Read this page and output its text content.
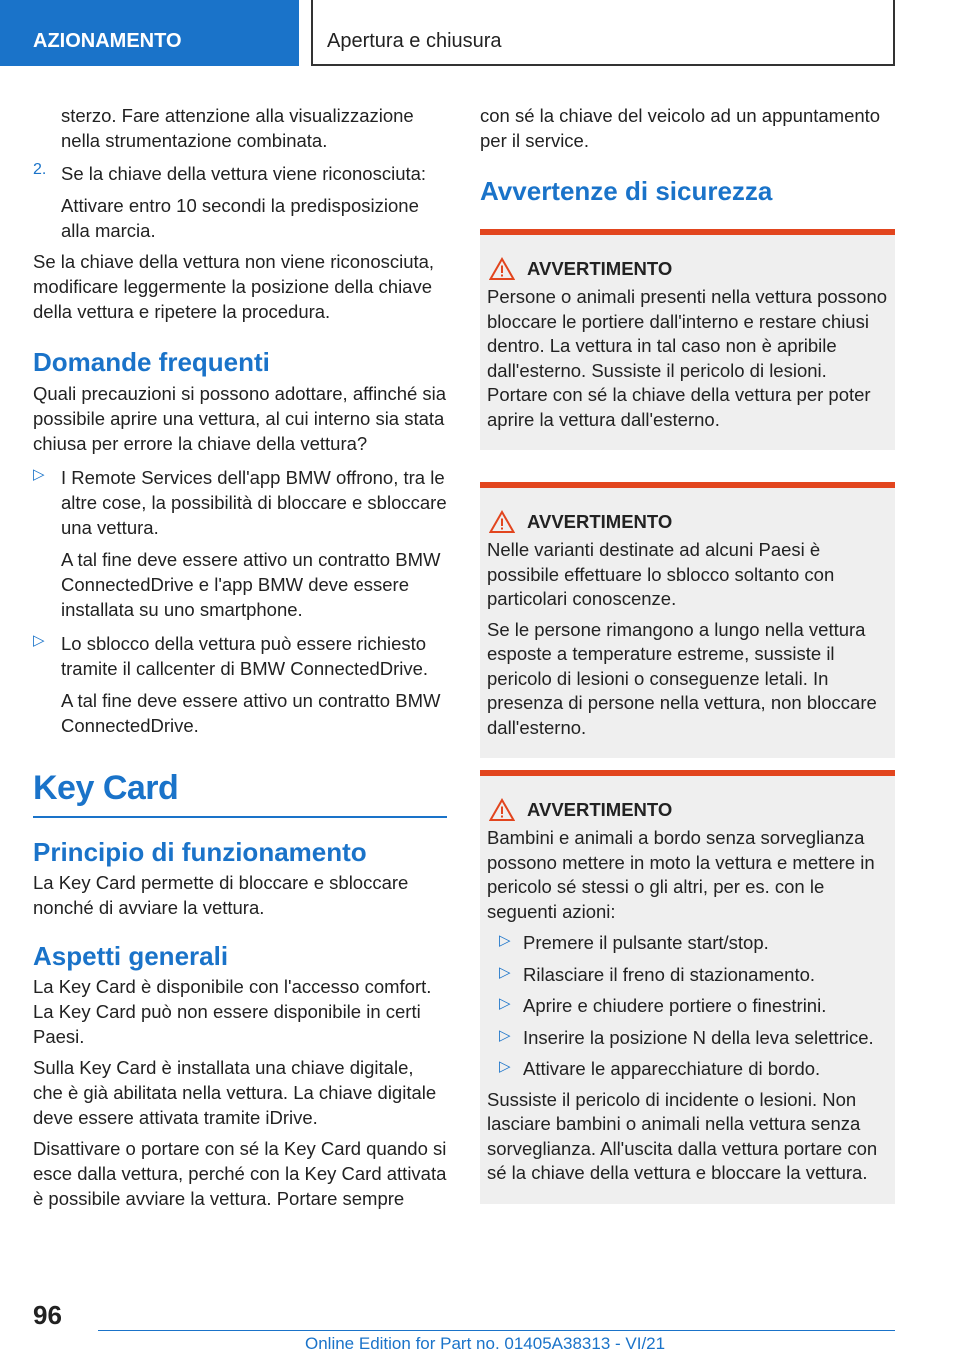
AZIONAMENTO	Apertura e chiusura

sterzo. Fare attenzione alla visualizzazione nella strumentazione combinata.

2. Se la chiave della vettura viene riconosciuta:

Attivare entro 10 secondi la predisposizione alla marcia.

Se la chiave della vettura non viene riconosciuta, modificare leggermente la posizione della chiave della vettura e ripetere la procedura.

Domande frequenti

Quali precauzioni si possono adottare, affinché sia possibile aprire una vettura, al cui interno sia stata chiusa per errore la chiave della vettura?

▷ I Remote Services dell'app BMW offrono, tra le altre cose, la possibilità di bloccare e sbloccare una vettura.

A tal fine deve essere attivo un contratto BMW ConnectedDrive e l'app BMW deve essere installata su uno smartphone.

▷ Lo sblocco della vettura può essere richiesto tramite il callcenter di BMW ConnectedDrive.

A tal fine deve essere attivo un contratto BMW ConnectedDrive.

Key Card
Principio di funzionamento

La Key Card permette di bloccare e sbloccare nonché di avviare la vettura.

Aspetti generali

La Key Card è disponibile con l'accesso comfort. La Key Card può non essere disponibile in certi Paesi.

Sulla Key Card è installata una chiave digitale, che è già abilitata nella vettura. La chiave digitale deve essere attivata tramite iDrive.

Disattivare o portare con sé la Key Card quando si esce dalla vettura, perché con la Key Card attivata è possibile avviare la vettura. Portare sempre

con sé la chiave del veicolo ad un appuntamento per il service.

Avvertenze di sicurezza
AVVERTIMENTO

Persone o animali presenti nella vettura possono bloccare le portiere dall'interno e restare chiusi dentro. La vettura in tal caso non è apribile dall'esterno. Sussiste il pericolo di lesioni. Portare con sé la chiave della vettura per poter aprire la vettura dall'esterno.

AVVERTIMENTO

Nelle varianti destinate ad alcuni Paesi è possibile effettuare lo sblocco soltanto con particolari conoscenze.

Se le persone rimangono a lungo nella vettura esposte a temperature estreme, sussiste il pericolo di lesioni o conseguenze letali. In presenza di persone nella vettura, non bloccare dall'esterno.

AVVERTIMENTO

Bambini e animali a bordo senza sorveglianza possono mettere in moto la vettura e mettere in pericolo sé stessi o gli altri, per es. con le seguenti azioni:

▷ Premere il pulsante start/stop.

▷ Rilasciare il freno di stazionamento.

▷ Aprire e chiudere portiere o finestrini.

▷ Inserire la posizione N della leva selettrice.

▷ Attivare le apparecchiature di bordo.

Sussiste il pericolo di incidente o lesioni. Non lasciare bambini o animali nella vettura senza sorveglianza. All'uscita dalla vettura portare con sé la chiave della vettura e bloccare la vettura.

96
Online Edition for Part no. 01405A38313 - VI/21
